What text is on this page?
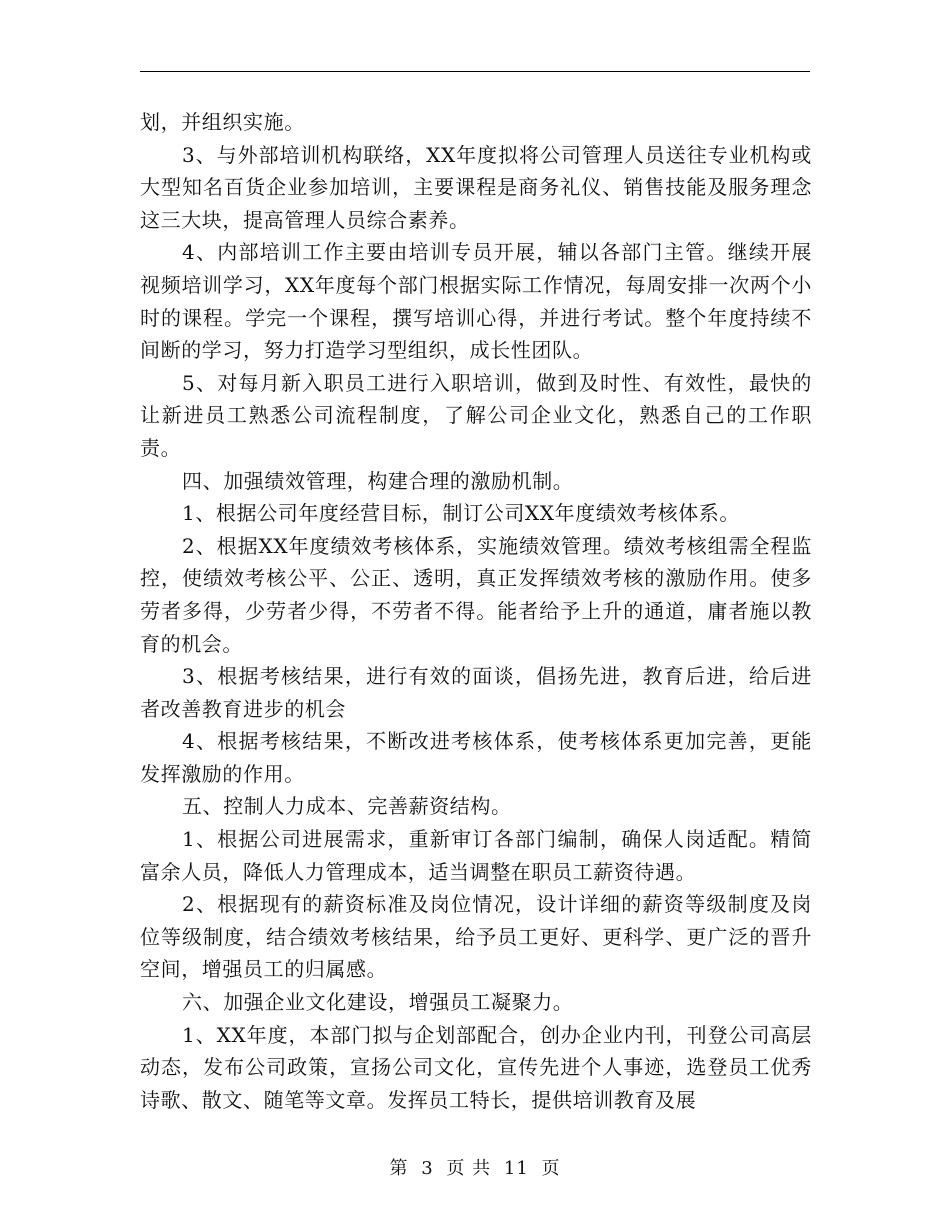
划，并组织实施。

3、与外部培训机构联络，XX年度拟将公司管理人员送往专业机构或大型知名百货企业参加培训，主要课程是商务礼仪、销售技能及服务理念这三大块，提高管理人员综合素养。

4、内部培训工作主要由培训专员开展，辅以各部门主管。继续开展视频培训学习，XX年度每个部门根据实际工作情况，每周安排一次两个小时的课程。学完一个课程，撰写培训心得，并进行考试。整个年度持续不间断的学习，努力打造学习型组织，成长性团队。

5、对每月新入职员工进行入职培训，做到及时性、有效性，最快的让新进员工熟悉公司流程制度，了解公司企业文化，熟悉自己的工作职责。

四、加强绩效管理，构建合理的激励机制。

1、根据公司年度经营目标，制订公司XX年度绩效考核体系。

2、根据XX年度绩效考核体系，实施绩效管理。绩效考核组需全程监控，使绩效考核公平、公正、透明，真正发挥绩效考核的激励作用。使多劳者多得，少劳者少得，不劳者不得。能者给予上升的通道，庸者施以教育的机会。

3、根据考核结果，进行有效的面谈，倡扬先进，教育后进，给后进者改善教育进步的机会

4、根据考核结果，不断改进考核体系，使考核体系更加完善，更能发挥激励的作用。

五、控制人力成本、完善薪资结构。

1、根据公司进展需求，重新审订各部门编制，确保人岗适配。精简富余人员，降低人力管理成本，适当调整在职员工薪资待遇。

2、根据现有的薪资标准及岗位情况，设计详细的薪资等级制度及岗位等级制度，结合绩效考核结果，给予员工更好、更科学、更广泛的晋升空间，增强员工的归属感。

六、加强企业文化建设，增强员工凝聚力。

1、XX年度，本部门拟与企划部配合，创办企业内刊，刊登公司高层动态，发布公司政策，宣扬公司文化，宣传先进个人事迹，选登员工优秀诗歌、散文、随笔等文章。发挥员工特长，提供培训教育及展

第 3 页 共 11 页
